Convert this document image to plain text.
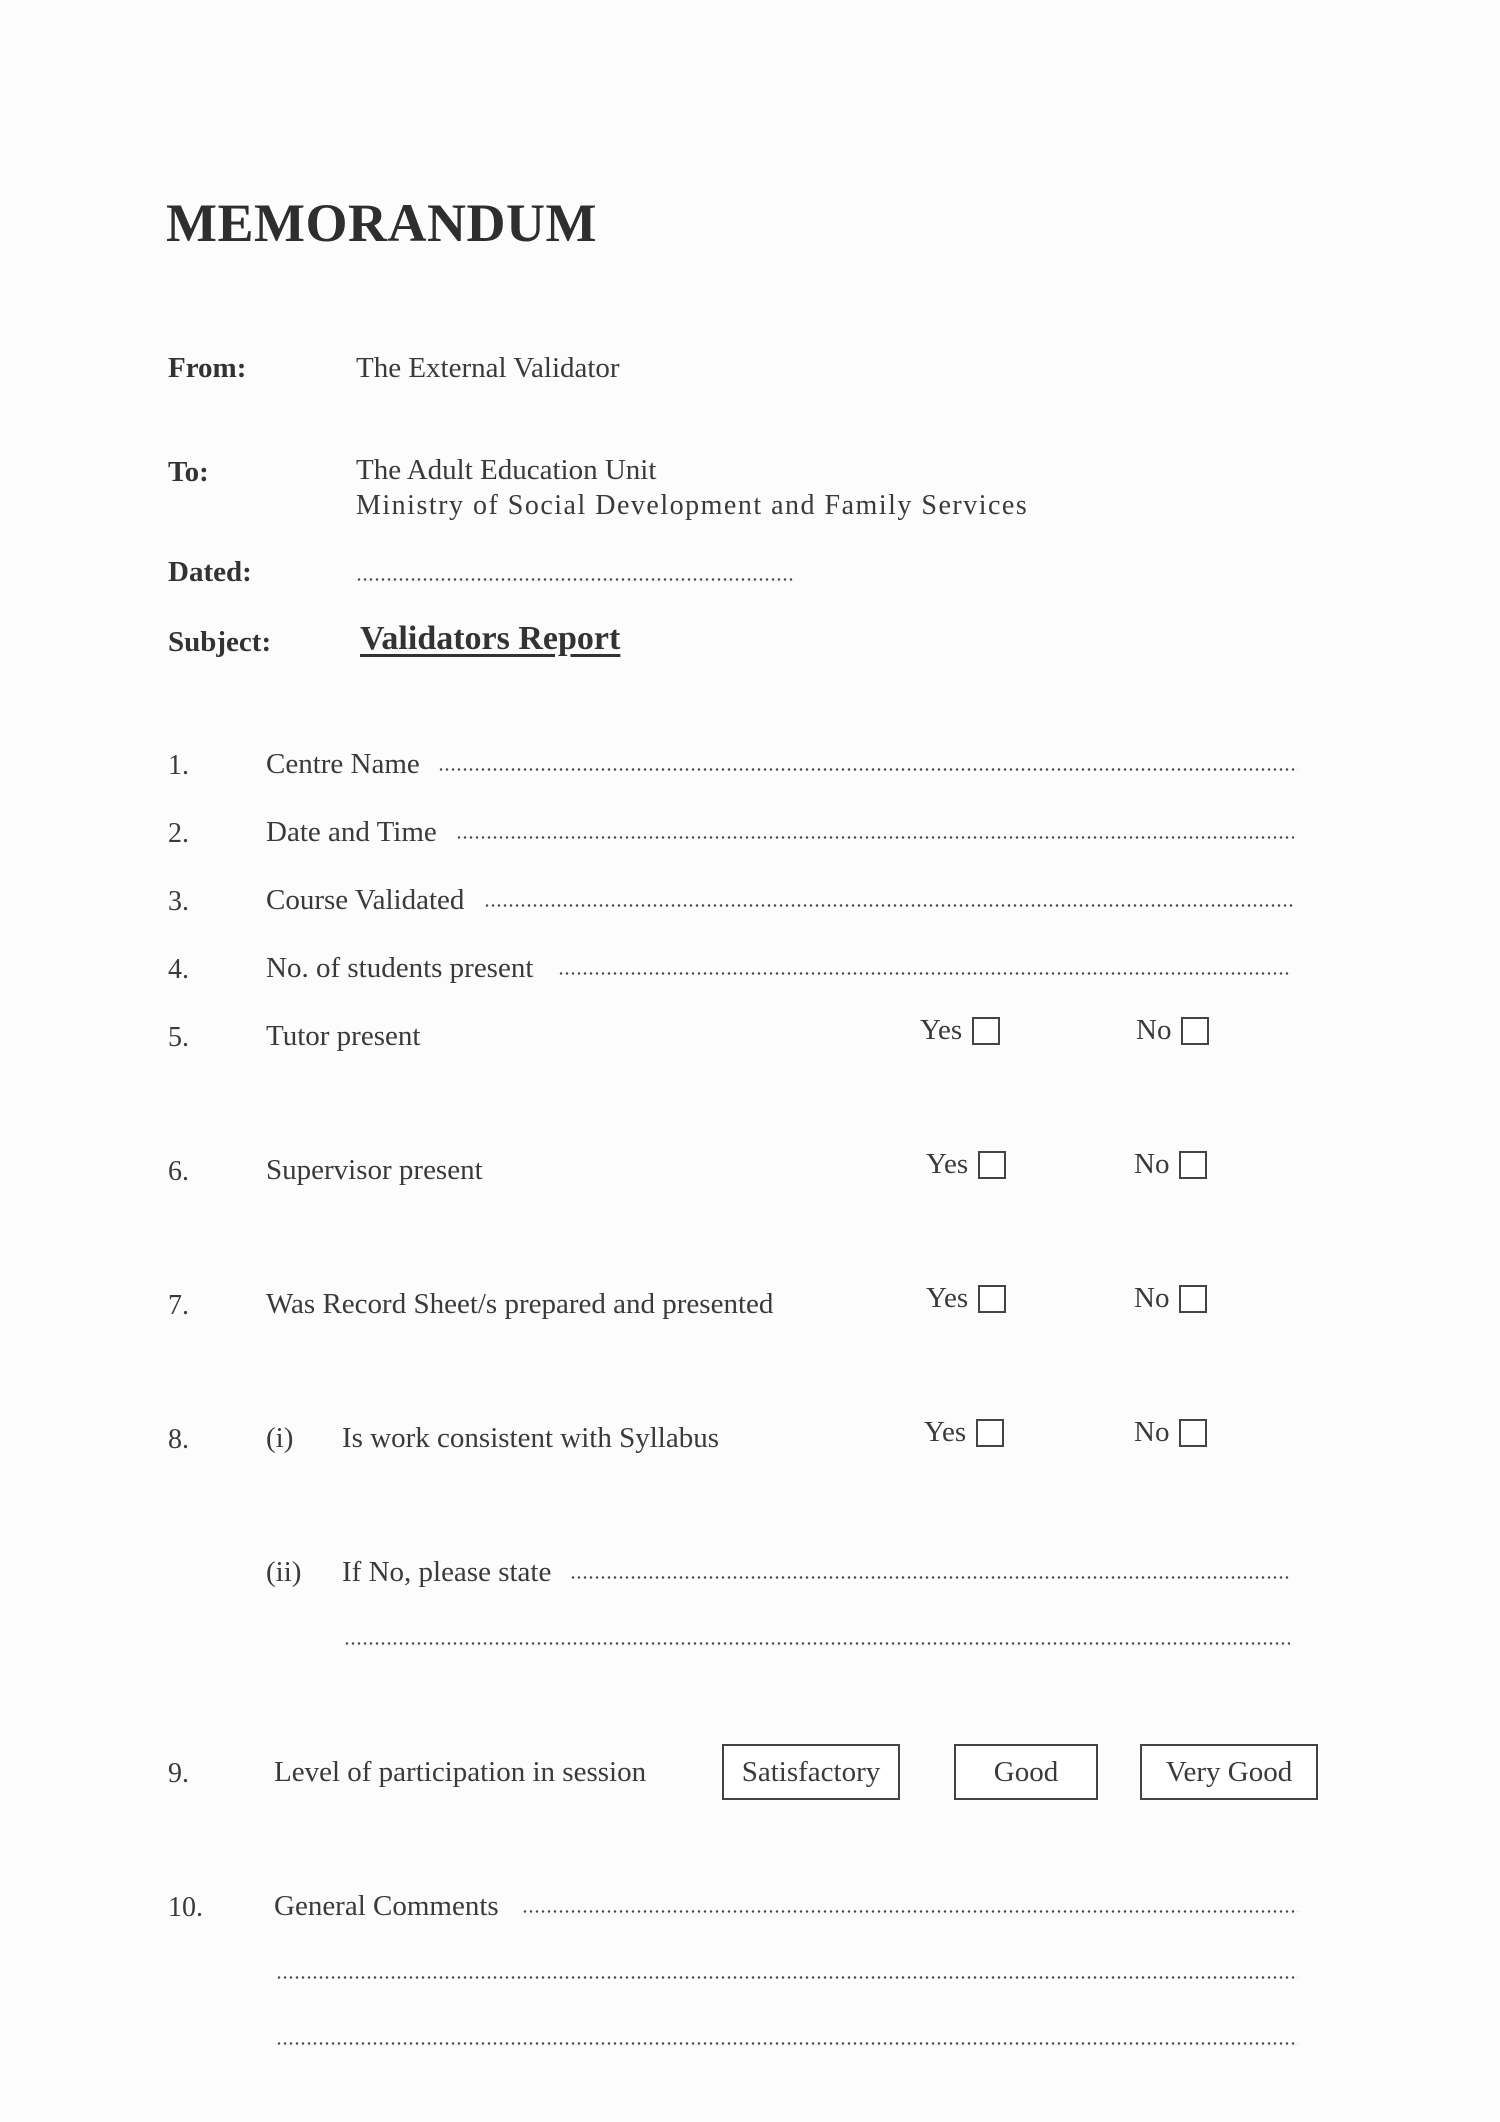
MEMORANDUM
From:	The External Validator
To:	The Adult Education Unit
Ministry of Social Development and Family Services
Dated:
Subject:	Validators Report
1.	Centre Name
2.	Date and Time
3.	Course Validated
4.	No. of students present
5.	Tutor present	Yes	No
6.	Supervisor present	Yes	No
7.	Was Record Sheet/s prepared and presented	Yes	No
8.	(i) Is work consistent with Syllabus	Yes	No
(ii) If No, please state
9.	Level of participation in session	Satisfactory	Good	Very Good
10. General Comments
